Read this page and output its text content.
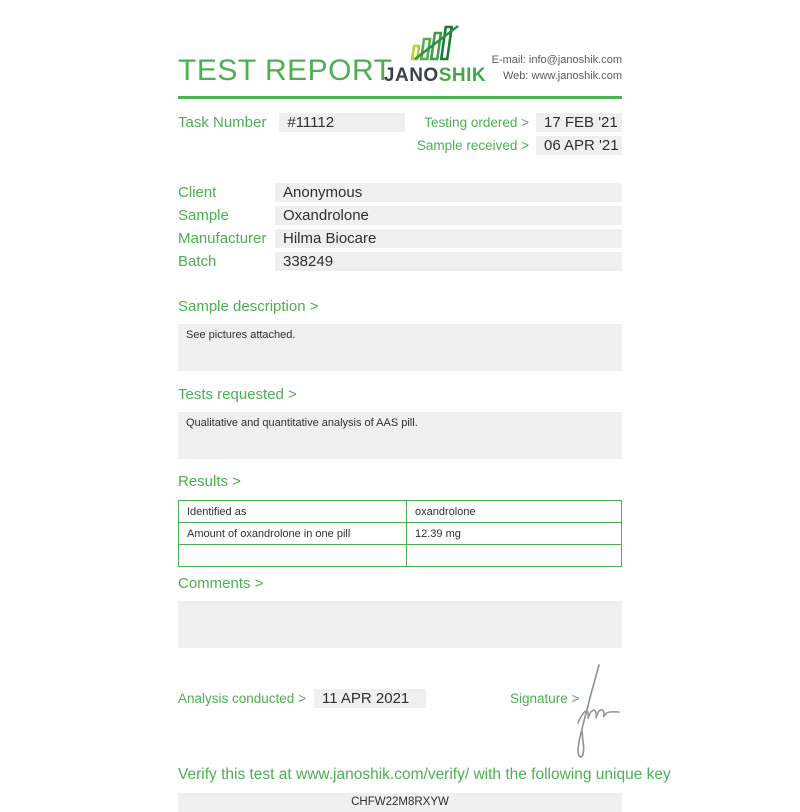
TEST REPORT
JANOSHIK
E-mail: info@janoshik.com
Web: www.janoshik.com
Task Number	#11112	Testing ordered >	17 FEB '21
Sample received >	06 APR '21
Client	Anonymous
Sample	Oxandrolone
Manufacturer	Hilma Biocare
Batch	338249
Sample description >
See pictures attached.
Tests requested >
Qualitative and quantitative analysis of AAS pill.
Results >
Identified as	oxandrolone
Amount of oxandrolone in one pill	12.39 mg

Comments >
Analysis conducted >	11 APR 2021	Signature >
Verify this test at www.janoshik.com/verify/ with the following unique key
CHFW22M8RXYW
